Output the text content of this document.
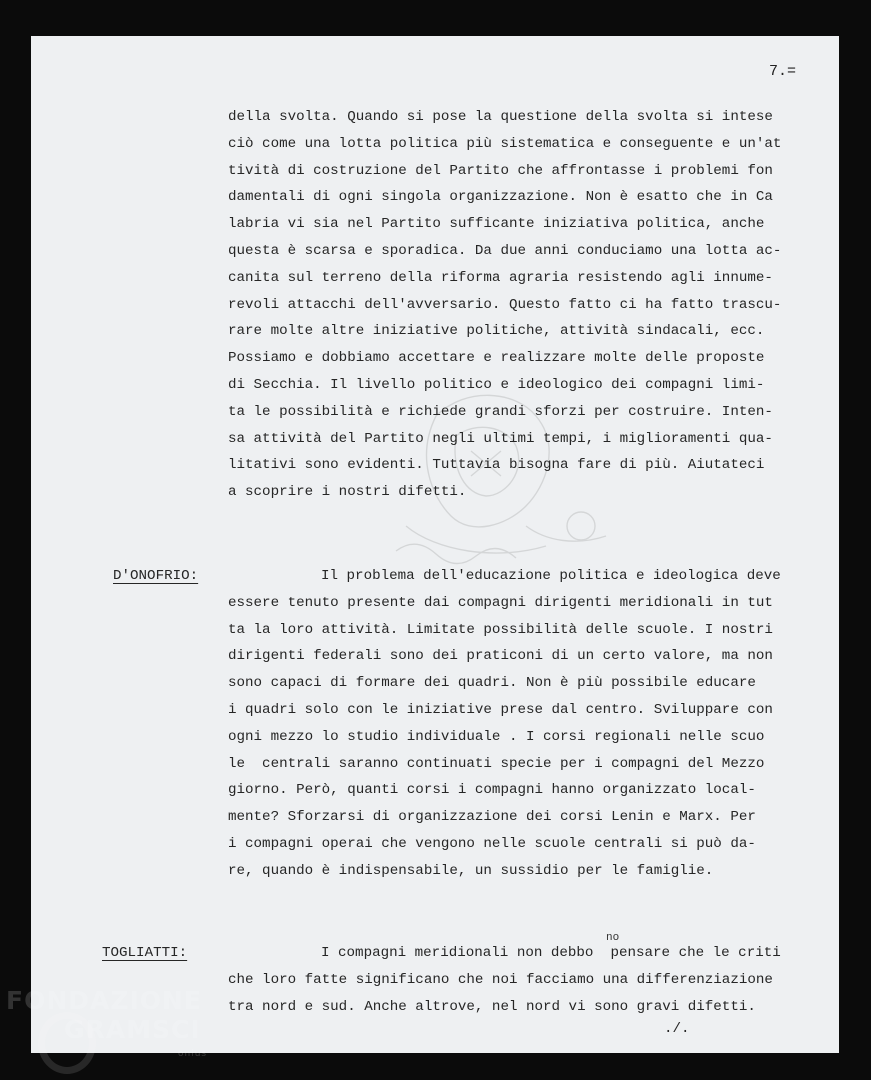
7.=
della svolta. Quando si pose la questione della svolta si intese
ciò come una lotta politica più sistematica e conseguente e un'at
tività di costruzione del Partito che affrontasse i problemi fon
damentali di ogni singola organizzazione. Non è esatto che in Ca
labria vi sia nel Partito sufficante iniziativa politica, anche
questa è scarsa e sporadica. Da due anni conduciamo una lotta ac-
canita sul terreno della riforma agraria resistendo agli innume-
revoli attacchi dell'avversario. Questo fatto ci ha fatto trascu-
rare molte altre iniziative politiche, attività sindacali, ecc.
Possiamo e dobbiamo accettare e realizzare molte delle proposte
di Secchia. Il livello politico e ideologico dei compagni limi-
ta le possibilità e richiede grandi sforzi per costruire. Inten-
sa attività del Partito negli ultimi tempi, i miglioramenti qua-
litativi sono evidenti. Tuttavia bisogna fare di più. Aiutateci
a scoprire i nostri difetti.
D'ONOFRIO:	Il problema dell'educazione politica e ideologica deve
essere tenuto presente dai compagni dirigenti meridionali in tut
ta la loro attività. Limitate possibilità delle scuole. I nostri
dirigenti federali sono dei praticoni di un certo valore, ma non
sono capaci di formare dei quadri. Non è più possibile educare
i quadri solo con le iniziative prese dal centro. Sviluppare con
ogni mezzo lo studio individuale . I corsi regionali nelle scuo
le  centrali saranno continuati specie per i compagni del Mezzo
giorno. Però, quanti corsi i compagni hanno organizzato local-
mente? Sforzarsi di organizzazione dei corsi Lenin e Marx. Per
i compagni operai che vengono nelle scuole centrali si può da-
re, quando è indispensabile, un sussidio per le famiglie.
TOGLIATTI:	I compagni meridionali non debbo  pensare che le criti
che loro fatte significano che noi facciamo una differenziazione
tra nord e sud. Anche altrove, nel nord vi sono gravi difetti.
no
./.
FONDAZIONE
GRAMSCI
onlus
